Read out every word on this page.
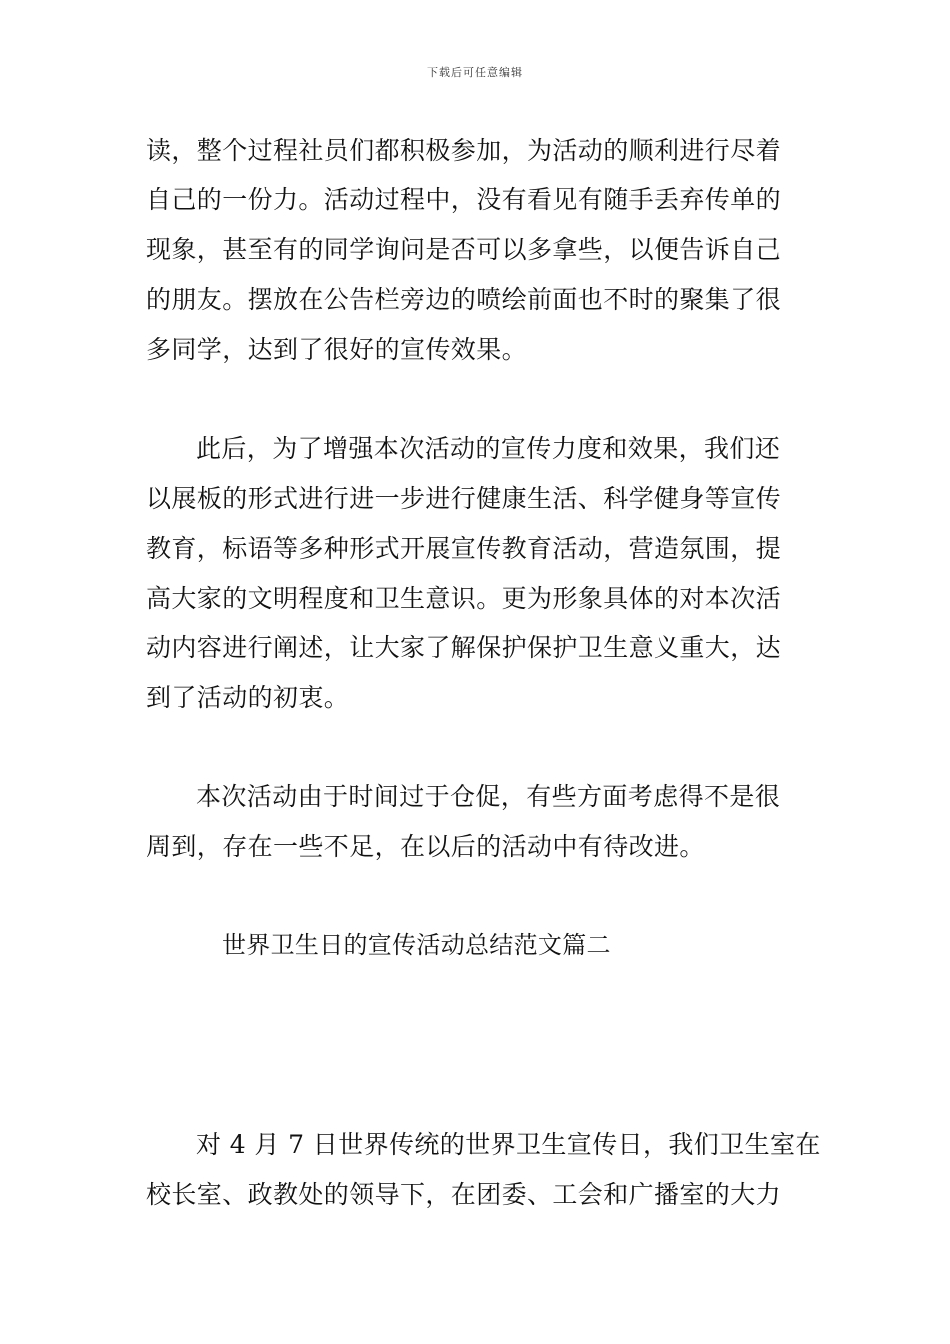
下载后可任意编辑
读，整个过程社员们都积极参加，为活动的顺利进行尽着
自己的一份力。活动过程中，没有看见有随手丢弃传单的
现象，甚至有的同学询问是否可以多拿些，以便告诉自己
的朋友。摆放在公告栏旁边的喷绘前面也不时的聚集了很
多同学，达到了很好的宣传效果。
此后，为了增强本次活动的宣传力度和效果，我们还
以展板的形式进行进一步进行健康生活、科学健身等宣传
教育，标语等多种形式开展宣传教育活动，营造氛围，提
高大家的文明程度和卫生意识。更为形象具体的对本次活
动内容进行阐述，让大家了解保护保护卫生意义重大，达
到了活动的初衷。
本次活动由于时间过于仓促，有些方面考虑得不是很
周到，存在一些不足，在以后的活动中有待改进。
世界卫生日的宣传活动总结范文篇二
对 4 月 7 日世界传统的世界卫生宣传日，我们卫生室在
校长室、政教处的领导下，在团委、工会和广播室的大力
